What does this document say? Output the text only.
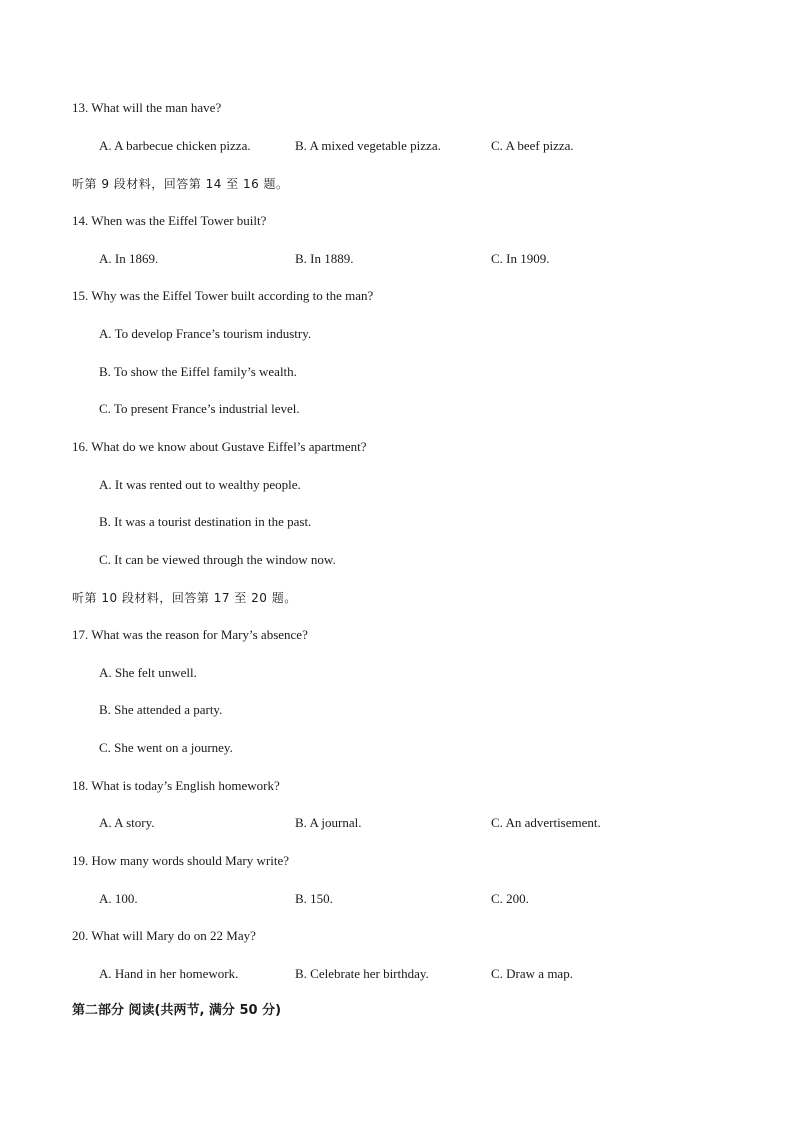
13. What will the man have?
A. A barbecue chicken pizza.	B. A mixed vegetable pizza.	C. A beef pizza.
听第 9 段材料，回答第 14 至 16 题。
14. When was the Eiffel Tower built?
A. In 1869.	B. In 1889.	C. In 1909.
15. Why was the Eiffel Tower built according to the man?
A. To develop France’s tourism industry.
B. To show the Eiffel family’s wealth.
C. To present France’s industrial level.
16. What do we know about Gustave Eiffel’s apartment?
A. It was rented out to wealthy people.
B. It was a tourist destination in the past.
C. It can be viewed through the window now.
听第 10 段材料，回答第 17 至 20 题。
17. What was the reason for Mary’s absence?
A. She felt unwell.
B. She attended a party.
C. She went on a journey.
18. What is today’s English homework?
A. A story.	B. A journal.	C. An advertisement.
19. How many words should Mary write?
A. 100.	B. 150.	C. 200.
20. What will Mary do on 22 May?
A. Hand in her homework.	B. Celebrate her birthday.	C. Draw a map.
第二部分 阅读(共两节, 满分 50 分)
